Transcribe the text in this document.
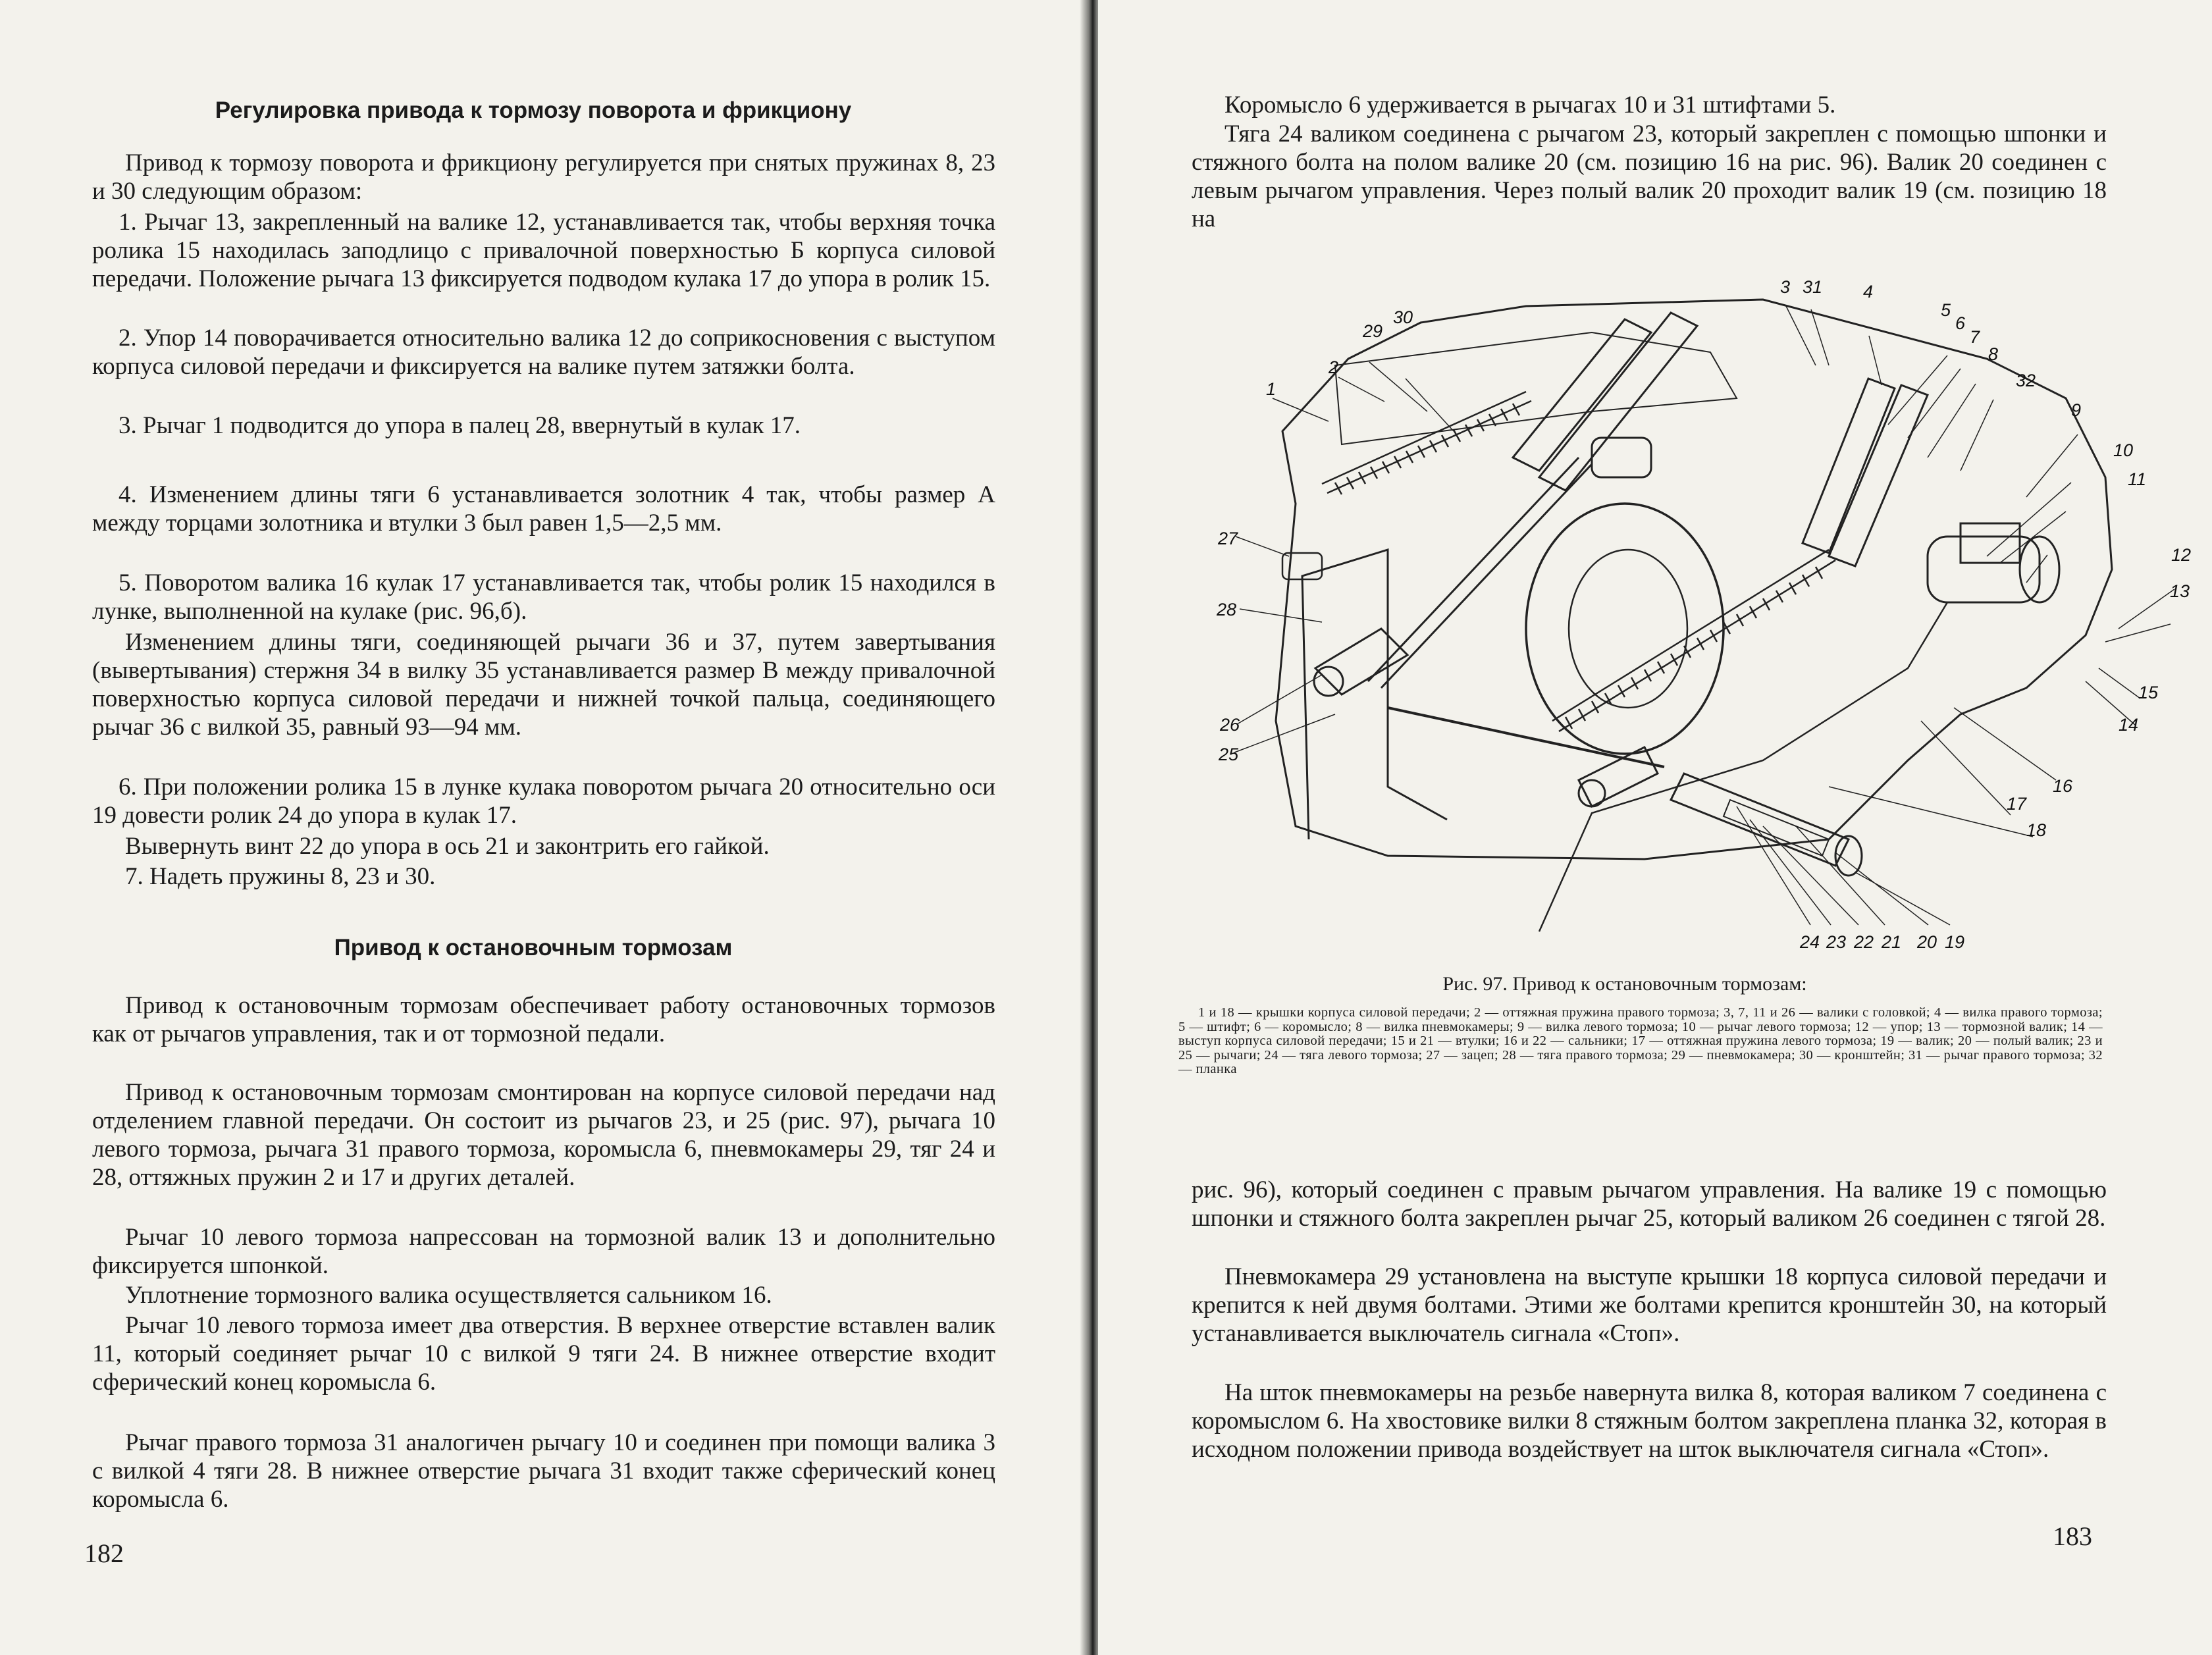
Регулировка привода к тормозу поворота и фрикциону
Привод к тормозу поворота и фрикциону регулируется при снятых пружинах 8, 23 и 30 следующим образом:
1. Рычаг 13, закрепленный на валике 12, устанавливается так, чтобы верхняя точка ролика 15 находилась заподлицо с привалочной поверхностью Б корпуса силовой передачи. Положение рычага 13 фиксируется подводом кулака 17 до упора в ролик 15.
2. Упор 14 поворачивается относительно валика 12 до соприкосновения с выступом корпуса силовой передачи и фиксируется на валике путем затяжки болта.
3. Рычаг 1 подводится до упора в палец 28, ввернутый в кулак 17.
4. Изменением длины тяги 6 устанавливается золотник 4 так, чтобы размер А между торцами золотника и втулки 3 был равен 1,5—2,5 мм.
5. Поворотом валика 16 кулак 17 устанавливается так, чтобы ролик 15 находился в лунке, выполненной на кулаке (рис. 96,б).
Изменением длины тяги, соединяющей рычаги 36 и 37, путем завертывания (вывертывания) стержня 34 в вилку 35 устанавливается размер В между привалочной поверхностью корпуса силовой передачи и нижней точкой пальца, соединяющего рычаг 36 с вилкой 35, равный 93—94 мм.
6. При положении ролика 15 в лунке кулака поворотом рычага 20 относительно оси 19 довести ролик 24 до упора в кулак 17.
Вывернуть винт 22 до упора в ось 21 и законтрить его гайкой.
7. Надеть пружины 8, 23 и 30.
Привод к остановочным тормозам
Привод к остановочным тормозам обеспечивает работу остановочных тормозов как от рычагов управления, так и от тормозной педали.
Привод к остановочным тормозам смонтирован на корпусе силовой передачи над отделением главной передачи. Он состоит из рычагов 23, и 25 (рис. 97), рычага 10 левого тормоза, рычага 31 правого тормоза, коромысла 6, пневмокамеры 29, тяг 24 и 28, оттяжных пружин 2 и 17 и других деталей.
Рычаг 10 левого тормоза напрессован на тормозной валик 13 и дополнительно фиксируется шпонкой.
Уплотнение тормозного валика осуществляется сальником 16.
Рычаг 10 левого тормоза имеет два отверстия. В верхнее отверстие вставлен валик 11, который соединяет рычаг 10 с вилкой 9 тяги 24. В нижнее отверстие входит сферический конец коромысла 6.
Рычаг правого тормоза 31 аналогичен рычагу 10 и соединен при помощи валика 3 с вилкой 4 тяги 28. В нижнее отверстие рычага 31 входит также сферический конец коромысла 6.
182
Коромысло 6 удерживается в рычагах 10 и 31 штифтами 5.
Тяга 24 валиком соединена с рычагом 23, который закреплен с помощью шпонки и стяжного болта на полом валике 20 (см. позицию 16 на рис. 96). Валик 20 соединен с левым рычагом управления. Через полый валик 20 проходит валик 19 (см. позицию 18 на
1
2
3 31 4
5
6
7
8
29
30
32
9
10
11
12
13
15
14
16
17
18
19
20
21
22
23
24
25
26
27
28
Рис. 97. Привод к остановочным тормозам:
1 и 18 — крышки корпуса силовой передачи; 2 — оттяжная пружина правого тормоза; 3, 7, 11 и 26 — валики с головкой; 4 — вилка правого тормоза; 5 — штифт; 6 — коромысло; 8 — вилка пневмокамеры; 9 — вилка левого тормоза; 10 — рычаг левого тормоза; 12 — упор; 13 — тормозной валик; 14 — выступ корпуса силовой передачи; 15 и 21 — втулки; 16 и 22 — сальники; 17 — оттяжная пружина левого тормоза; 19 — валик; 20 — полый валик; 23 и 25 — рычаги; 24 — тяга левого тормоза; 27 — зацеп; 28 — тяга правого тормоза; 29 — пневмокамера; 30 — кронштейн; 31 — рычаг правого тормоза; 32 — планка
рис. 96), который соединен с правым рычагом управления. На валике 19 с помощью шпонки и стяжного болта закреплен рычаг 25, который валиком 26 соединен с тягой 28.
Пневмокамера 29 установлена на выступе крышки 18 корпуса силовой передачи и крепится к ней двумя болтами. Этими же болтами крепится кронштейн 30, на который устанавливается выключатель сигнала «Стоп».
На шток пневмокамеры на резьбе навернута вилка 8, которая валиком 7 соединена с коромыслом 6. На хвостовике вилки 8 стяжным болтом закреплена планка 32, которая в исходном положении привода воздействует на шток выключателя сигнала «Стоп».
183
